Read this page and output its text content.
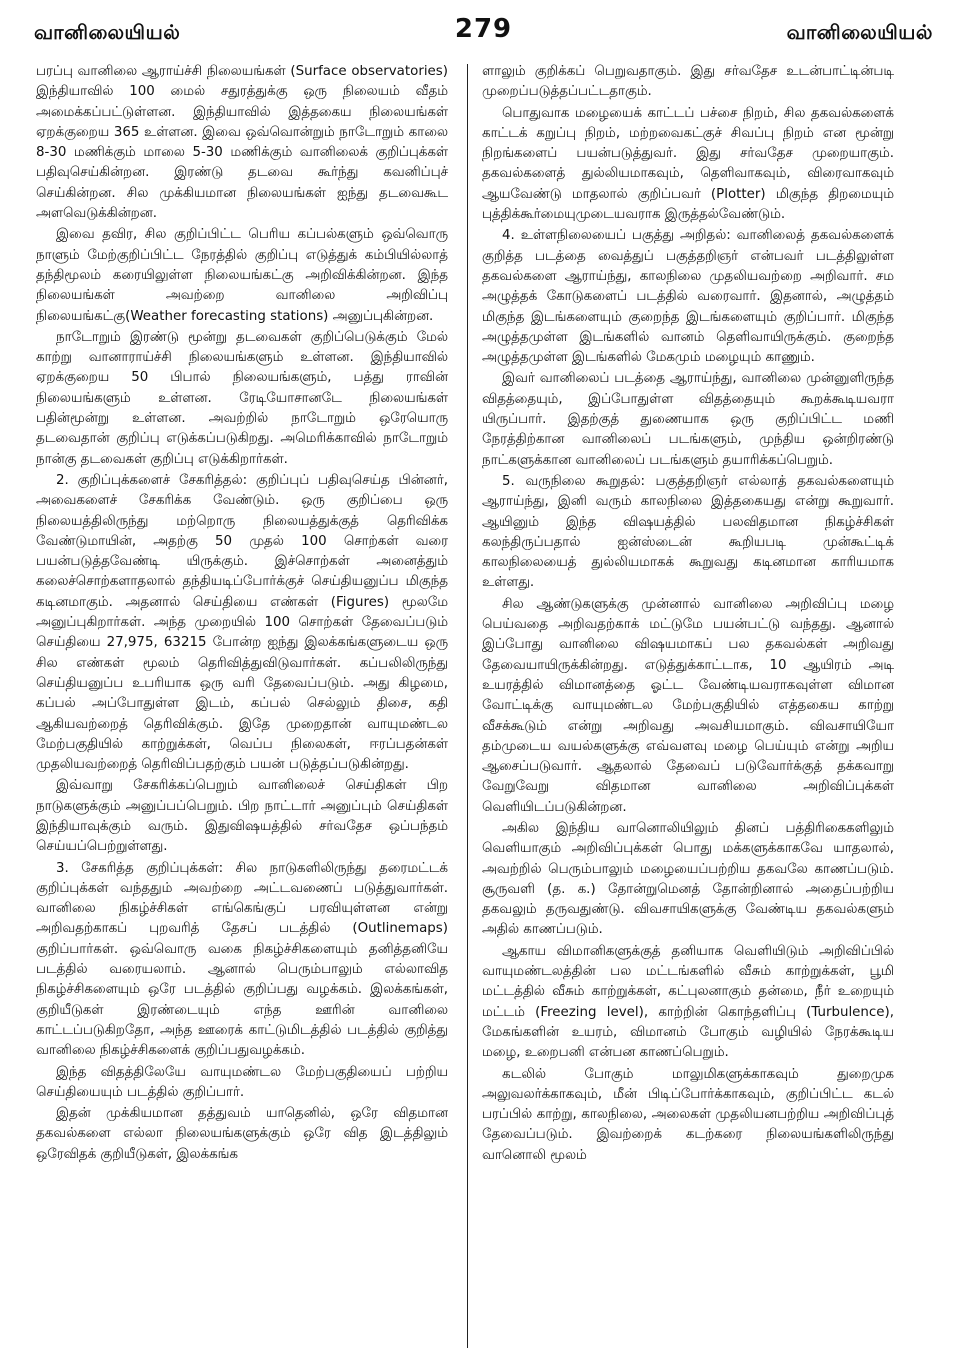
வானிலையியல்	279	வானிலையியல்

பரப்பு வானிலை ஆராய்ச்சி நிலையங்கள் (Surface observatories) இந்தியாவில் 100 மைல் சதுரத்துக்கு ஒரு நிலையம் வீதம் அமைக்கப்பட்டுள்ளன. இந்தியாவில் இத்தகைய நிலையங்கள் ஏறக்குறைய 365 உள்ளன. இவை ஒவ்வொன்றும் நாடோறும் காலை 8-30 மணிக்கும் மாலை 5-30 மணிக்கும் வானிலைக் குறிப்புக்கள் பதிவுசெய்கின்றன. இரண்டு தடவை கூர்ந்து கவனிப்புச் செய்கின்றன. சில முக்கியமான நிலையங்கள் ஐந்து தடவைகூட அளவெடுக்கின்றன.

இவை தவிர, சில குறிப்பிட்ட பெரிய கப்பல்களும் ஒவ்வொரு நாளும் மேற்குறிப்பிட்ட நேரத்தில் குறிப்பு எடுத்துக் கம்பியில்லாத் தந்திமூலம் கரையிலுள்ள நிலையங்கட்கு அறிவிக்கின்றன. இந்த நிலையங்கள் அவற்றை வானிலை அறிவிப்பு நிலையங்கட்கு(Weather forecasting stations) அனுப்புகின்றன.

நாடோறும் இரண்டு மூன்று தடவைகள் குறிப்பெடுக்கும் மேல் காற்று வானாராய்ச்சி நிலையங்களும் உள்ளன. இந்தியாவில் ஏறக்குறைய 50 பிபால் நிலையங்களும், பத்து ராவின் நிலையங்களும் உள்ளன. ரேடியோசானடே நிலையங்கள் பதின்மூன்று உள்ளன. அவற்றில் நாடோறும் ஒரேயொரு தடவைதான் குறிப்பு எடுக்கப்படுகிறது. அமெரிக்காவில் நாடோறும் நான்கு தடவைகள் குறிப்பு எடுக்கிறார்கள்.

2. குறிப்புக்களைச் சேகரித்தல்: குறிப்புப் பதிவுசெய்த பின்னர், அவைகளைச் சேகரிக்க வேண்டும். ஒரு குறிப்பை ஒரு நிலையத்திலிருந்து மற்றொரு நிலையத்துக்குத் தெரிவிக்க வேண்டுமாயின், அதற்கு 50 முதல் 100 சொற்கள் வரை பயன்படுத்தவேண்டி யிருக்கும். இச்சொற்கள் அனைத்தும் கலைச்சொற்களாதலால் தந்தியடிப்போர்க்குச் செய்தியனுப்ப மிகுந்த கடினமாகும். அதனால் செய்தியை எண்கள் (Figures) மூலமே அனுப்புகிறார்கள். அந்த முறையில் 100 சொற்கள் தேவைப்படும் செய்தியை 27,975, 63215 போன்ற ஐந்து இலக்கங்களுடைய ஒரு சில எண்கள் மூலம் தெரிவித்துவிடுவார்கள். கப்பலிலிருந்து செய்தியனுப்ப உபரியாக ஒரு வரி தேவைப்படும். அது கிழமை, கப்பல் அப்போதுள்ள இடம், கப்பல் செல்லும் திசை, கதி ஆகியவற்றைத் தெரிவிக்கும். இதே முறைதான் வாயுமண்டல மேற்பகுதியில் காற்றுக்கள், வெப்ப நிலைகள், ஈரப்பதன்கள் முதலியவற்றைத் தெரிவிப்பதற்கும் பயன் படுத்தப்படுகின்றது.

இவ்வாறு சேகரிக்கப்பெறும் வானிலைச் செய்திகள் பிற நாடுகளுக்கும் அனுப்பப்பெறும். பிற நாட்டார் அனுப்பும் செய்திகள் இந்தியாவுக்கும் வரும். இதுவிஷயத்தில் சர்வதேச ஒப்பந்தம் செய்யப்பெற்றுள்ளது.

3. சேகரித்த குறிப்புக்கள்: சில நாடுகளிலிருந்து தரைமட்டக் குறிப்புக்கள் வந்ததும் அவற்றை அட்டவணைப் படுத்துவார்கள். வானிலை நிகழ்ச்சிகள் எங்கெங்குப் பரவியுள்ளன என்று அறிவதற்காகப் புறவரித் தேசப் படத்தில் (Outlinemaps) குறிப்பார்கள். ஒவ்வொரு வகை நிகழ்ச்சிகளையும் தனித்தனியே படத்தில் வரையலாம். ஆனால் பெரும்பாலும் எல்லாவித நிகழ்ச்சிகளையும் ஒரே படத்தில் குறிப்பது வழக்கம். இலக்கங்கள், குறியீடுகள் இரண்டையும் எந்த ஊரின் வானிலை காட்டப்படுகிறதோ, அந்த ஊரைக் காட்டுமிடத்தில் படத்தில் குறித்து வானிலை நிகழ்ச்சிகளைக் குறிப்பதுவழக்கம்.

இந்த விதத்திலேயே வாயுமண்டல மேற்பகுதியைப் பற்றிய செய்தியையும் படத்தில் குறிப்பார்.

இதன் முக்கியமான தத்துவம் யாதெனில், ஒரே விதமான தகவல்களை எல்லா நிலையங்களுக்கும் ஒரே வித இடத்திலும் ஒரேவிதக் குறியீடுகள், இலக்கங்க

ளாலும் குறிக்கப் பெறுவதாகும். இது சர்வதேச உடன்பாட்டின்படி முறைப்படுத்தப்பட்டதாகும்.

பொதுவாக மழையைக் காட்டப் பச்சை நிறம், சில தகவல்களைக் காட்டக் கறுப்பு நிறம், மற்றவைகட்குச் சிவப்பு நிறம் என மூன்று நிறங்களைப் பயன்படுத்துவர். இது சர்வதேச முறையாகும். தகவல்களைத் துல்லியமாகவும், தெளிவாகவும், விரைவாகவும் ஆயவேண்டு மாதலால் குறிப்பவர் (Plotter) மிகுந்த திறமையும் புத்திக்கூர்மையுமுடையவராக இருத்தல்வேண்டும்.

4. உள்ளநிலையைப் பகுத்து அறிதல்: வானிலைத் தகவல்களைக் குறித்த படத்தை வைத்துப் பகுத்தறிஞர் என்பவர் படத்திலுள்ள தகவல்களை ஆராய்ந்து, காலநிலை முதலியவற்றை அறிவார். சம அழுத்தக் கோடுகளைப் படத்தில் வரைவார். இதனால், அழுத்தம் மிகுந்த இடங்களையும் குறைந்த இடங்களையும் குறிப்பார். மிகுந்த அழுத்தமுள்ள இடங்களில் வானம் தெளிவாயிருக்கும். குறைந்த அழுத்தமுள்ள இடங்களில் மேகமும் மழையும் காணும்.

இவர் வானிலைப் படத்தை ஆராய்ந்து, வானிலை முன்னுளிருந்த விதத்தையும், இப்போதுள்ள விதத்தையும் கூறக்கூடியவரா யிருப்பார். இதற்குத் துணையாக ஒரு குறிப்பிட்ட மணி நேரத்திற்கான வானிலைப் படங்களும், முந்திய ஒன்றிரண்டு நாட்களுக்கான வானிலைப் படங்களும் தயாரிக்கப்பெறும்.

5. வருநிலை கூறுதல்: பகுத்தறிஞர் எல்லாத் தகவல்களையும் ஆராய்ந்து, இனி வரும் காலநிலை இத்தகையது என்று கூறுவார். ஆயினும் இந்த விஷயத்தில் பலவிதமான நிகழ்ச்சிகள் கலந்திருப்பதால் ஐன்ஸ்டைன் கூறியபடி முன்கூட்டிக் காலநிலையைத் துல்லியமாகக் கூறுவது கடினமான காரியமாக உள்ளது.

சில ஆண்டுகளுக்கு முன்னால் வானிலை அறிவிப்பு மழை பெய்வதை அறிவதற்காக் மட்டுமே பயன்பட்டு வந்தது. ஆனால் இப்போது வானிலை விஷயமாகப் பல தகவல்கள் அறிவது தேவையாயிருக்கின்றது. எடுத்துக்காட்டாக, 10 ஆயிரம் அடி உயரத்தில் விமானத்தை ஓட்ட வேண்டியவராகவுள்ள விமான வோட்டிக்கு வாயுமண்டல மேற்பகுதியில் எத்தகைய காற்று வீசக்கூடும் என்று அறிவது அவசியமாகும். விவசாயியோ தம்முடைய வயல்களுக்கு எவ்வளவு மழை பெய்யும் என்று அறிய ஆசைப்படுவார். ஆதலால் தேவைப் படுவோர்க்குத் தக்கவாறு வேறுவேறு விதமான வானிலை அறிவிப்புக்கள் வெளியிடப்படுகின்றன.

அகில இந்திய வானொலியிலும் தினப் பத்திரிகைகளிலும் வெளியாகும் அறிவிப்புக்கள் பொது மக்களுக்காகவே யாதலால், அவற்றில் பெரும்பாலும் மழையைப்பற்றிய தகவலே காணப்படும். சூருவளி (த. க.) தோன்றுமெனத் தோன்றினால் அதைப்பற்றிய தகவலும் தருவதுண்டு. விவசாயிகளுக்கு வேண்டிய தகவல்களும் அதில் காணப்படும்.

ஆகாய விமானிகளுக்குத் தனியாக வெளியிடும் அறிவிப்பில் வாயுமண்டலத்தின் பல மட்டங்களில் வீசும் காற்றுக்கள், பூமி மட்டத்தில் வீசும் காற்றுக்கள், கட்புலனாகும் தன்மை, நீர் உறையும் மட்டம் (Freezing level), காற்றின் கொந்தளிப்பு (Turbulence), மேகங்களின் உயரம், விமானம் போகும் வழியில் நேரக்கூடிய மழை, உறைபனி என்பன காணப்பெறும்.

கடலில் போகும் மாலுமிகளுக்காகவும் துறைமுக அலுவலர்க்காகவும், மீன் பிடிப்போர்க்காகவும், குறிப்பிட்ட கடல் பரப்பில் காற்று, காலநிலை, அலைகள் முதலியனபற்றிய அறிவிப்புத் தேவைப்படும். இவற்றைக் கடற்கரை நிலையங்களிலிருந்து வானொலி மூலம்
